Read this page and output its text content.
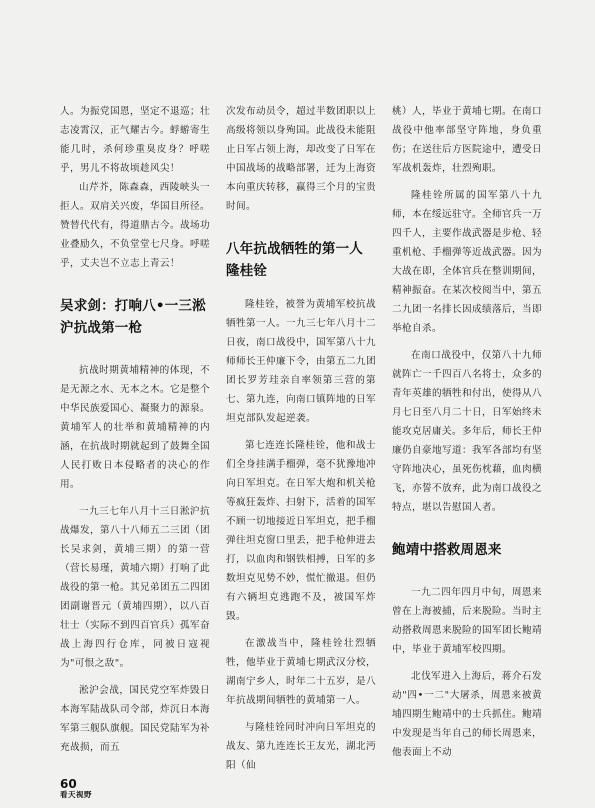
人。为振党国恩，坚定不退巡；壮志凌霄汉，正气耀古今。蜉蝣寄生能几时，杀何珍重臭皮身？呼嗟乎，男儿不将故顷趁风尖！

山芹芥，陈森森，西陵峡头一拒人。双肩关兴废，华国目所径。赞替代代有，得道鼎古今。战场功业叠励久，不负堂堂七尺身。呼嗟乎，丈夫岂不立志上青云！

吴求剑：打响八•一三淞沪抗战第一枪

抗战时期黄埔精神的体现，不是无源之水、无本之木。它是整个中华民族爱国心、凝聚力的源泉。黄埔军人的壮举和黄埔精神的内涵，在抗战时期就起到了鼓舞全国人民打败日本侵略者的决心的作用。

一九三七年八月十三日淞沪抗战爆发，第八十八师五二三团（团长吴求剑，黄埔三期）的第一营（营长易瑾，黄埔六期）打响了此战役的第一枪。其兄弟团五二四团团副谢晋元（黄埔四期），以八百壮士（实际不到四百官兵）孤军奋战上海四行仓库，同被日寇视为"可恨之敌"。

淞沪会战，国民党空军炸毁日本海军陆战队司令部，炸沉日本海军第三舰队旗舰。国民党陆军为补充战损，而五

次发布动员令，超过半数团职以上高级将领以身殉国。此战役未能阻止日军占领上海，却改变了日军在中国战场的战略部署，迁为上海资本向重庆转移，赢得三个月的宝贵时间。

八年抗战牺牲的第一人隆桂铨

隆桂铨，被誉为黄埔军校抗战牺牲第一人。一九三七年八月十二日夜，南口战役中，国军第八十九师师长王仲廉下令，由第五二九团团长罗芳珪亲自率领第三营的第七、第九连，向南口镇阵地的日军坦克部队发起逆袭。

第七连连长隆桂铨，他和战士们全身挂满手榴弹，毫不犹豫地冲向日军坦克。在日军大炮和机关枪等疯狂轰炸、扫射下，活着的国军不顾一切地接近日军坦克，把手榴弹往坦克窗口里丢，把手枪伸进去打，以血肉和钢铁相搏，日军的多数坦克见势不妙，慌忙撤退。但仍有六辆坦克逃跑不及，被国军炸毁。

在激战当中，隆桂铨壮烈牺牲，他毕业于黄埔七期武汉分校，湖南宁乡人，时年二十五岁，是八年抗战期间牺牲的黄埔第一人。

与隆桂铨同时冲向日军坦克的战友、第九连连长王友光，湖北沔阳（仙

桃）人，毕业于黄埔七期。在南口战役中他率部坚守阵地，身负重伤；在送往后方医院途中，遭受日军战机轰炸，壮烈殉职。

隆桂铨所属的国军第八十九师，本在绥远驻守。全师官兵一万四千人，主要作战武器是步枪、轻重机枪、手榴弹等近战武器。因为大战在即，全体官兵在整训期间，精神振奋。在某次校阅当中，第五二九团一名排长因成绩落后，当即举枪自杀。

在南口战役中，仅第八十九师就阵亡一千四百八名将士，众多的青年英雄的牺牲和付出，使得从八月七日至八月二十日，日军始终未能攻克居庸关。多年后，师长王仲廉仍自豪地写道：我军各部均有坚守阵地决心，虽死伤枕藉，血肉横飞，亦誓不放弃，此为南口战役之特点，堪以告慰国人者。

鲍靖中搭救周恩来

一九二四年四月中旬，周恩来曾在上海被捕，后来脱险。当时主动搭救周恩来脱险的国军团长鲍靖中，毕业于黄埔军校四期。

北伐军进入上海后，蒋介石发动"四•一二"大屠杀，周恩来被黄埔四期生鲍靖中的士兵抓住。鲍靖中发现是当年自己的师长周恩来，他表面上不动

60
看天视野
